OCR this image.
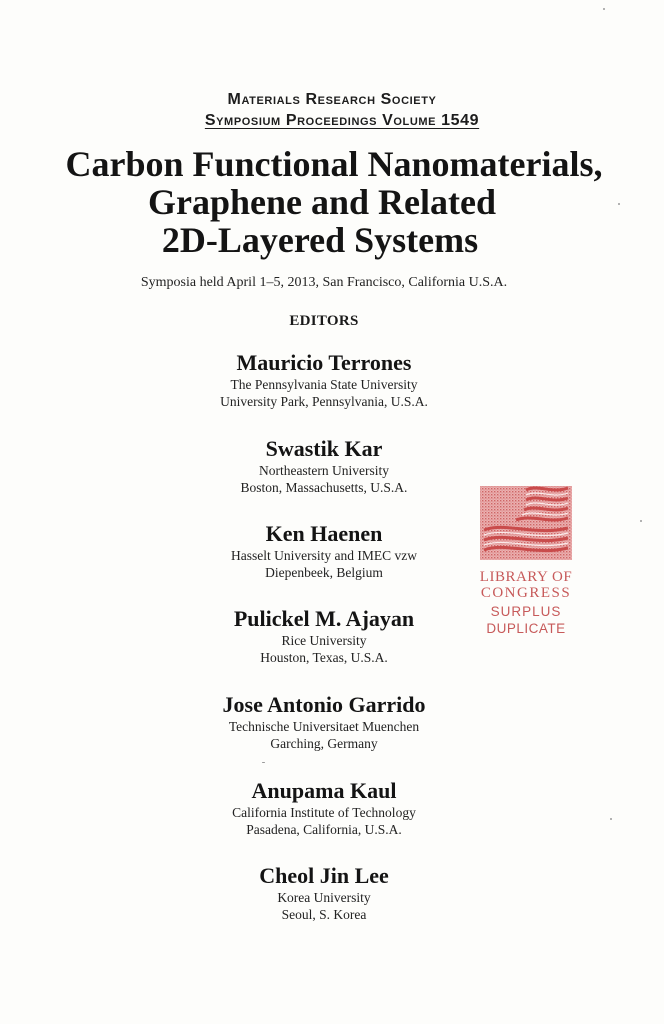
Materials Research Society
Symposium Proceedings Volume 1549
Carbon Functional Nanomaterials,
Graphene and Related
2D-Layered Systems
Symposia held April 1–5, 2013, San Francisco, California U.S.A.
EDITORS
Mauricio Terrones
The Pennsylvania State University
University Park, Pennsylvania, U.S.A.
Swastik Kar
Northeastern University
Boston, Massachusetts, U.S.A.
Ken Haenen
Hasselt University and IMEC vzw
Diepenbeek, Belgium
Pulickel M. Ajayan
Rice University
Houston, Texas, U.S.A.
Jose Antonio Garrido
Technische Universitaet Muenchen
Garching, Germany
Anupama Kaul
California Institute of Technology
Pasadena, California, U.S.A.
Cheol Jin Lee
Korea University
Seoul, S. Korea
LIBRARY OF
CONGRESS
SURPLUS
DUPLICATE
